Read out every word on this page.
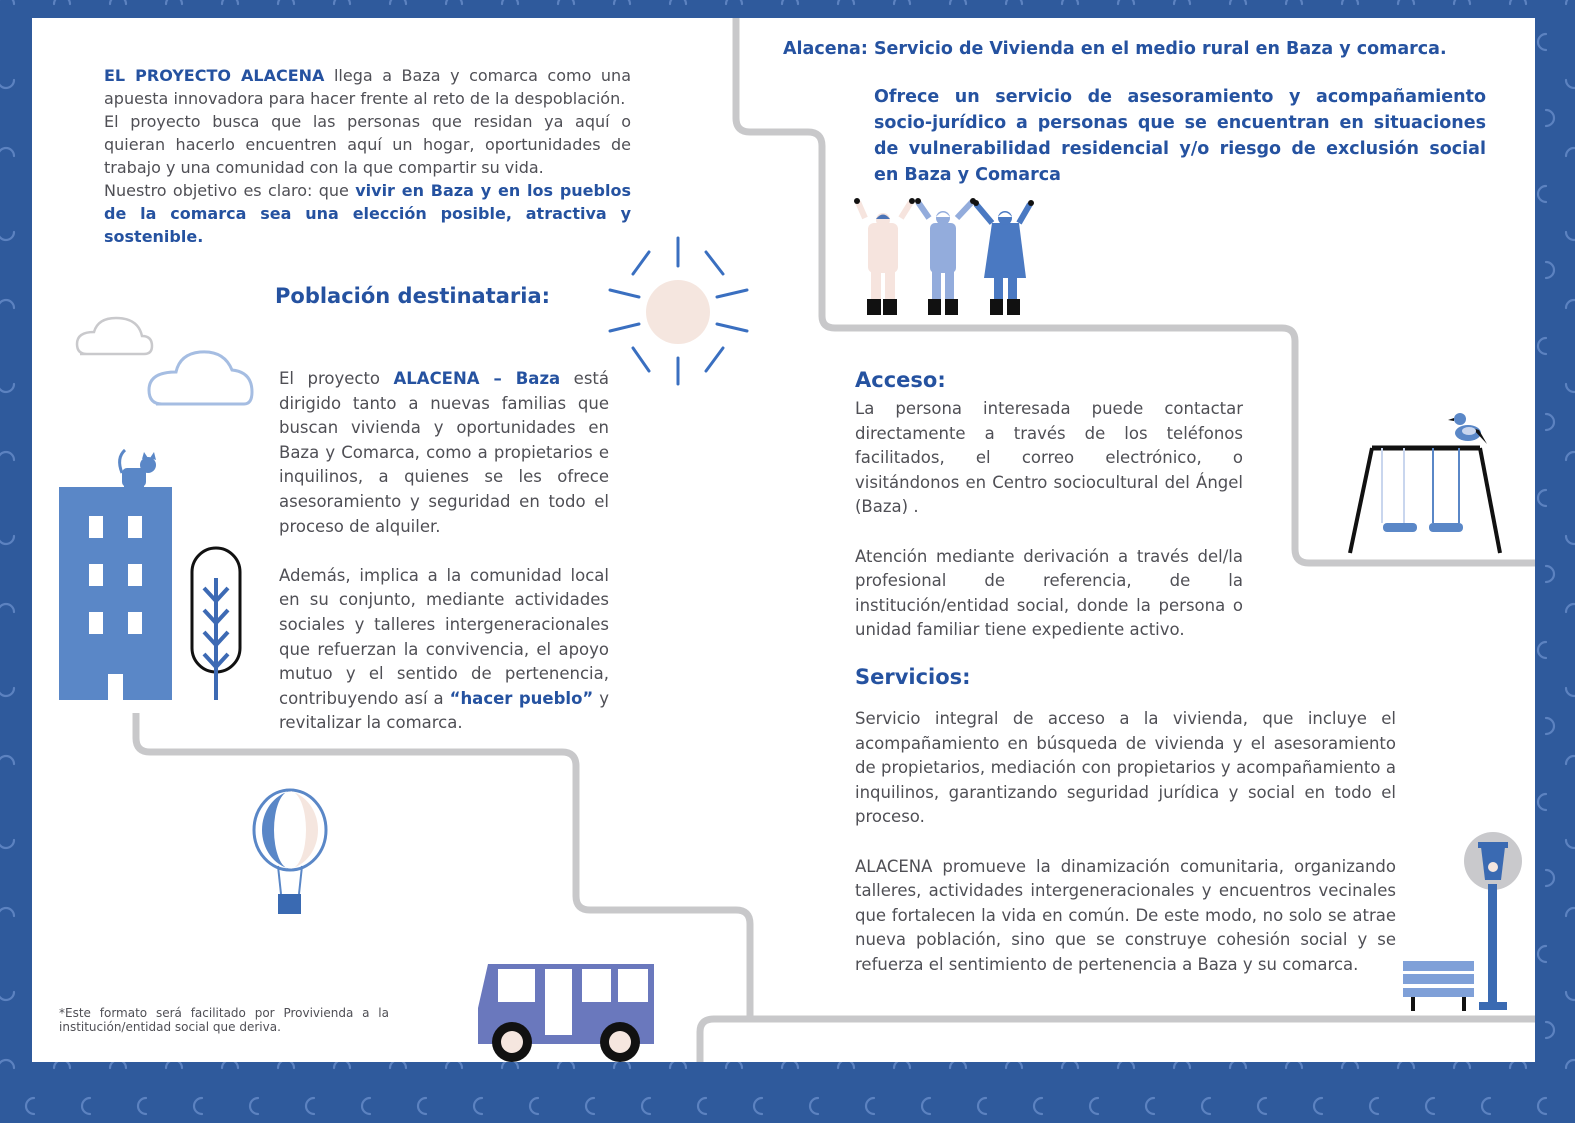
EL PROYECTO ALACENA llega a Baza y comarca como una apuesta innovadora para hacer frente al reto de la despoblación.

El proyecto busca que las personas que residan ya aquí o quieran hacerlo encuentren aquí un hogar, oportunidades de trabajo y una comunidad con la que compartir su vida.

Nuestro objetivo es claro: que vivir en Baza y en los pueblos de la comarca sea una elección posible, atractiva y sostenible.

Población destinataria:

El proyecto ALACENA – Baza está dirigido tanto a nuevas familias que buscan vivienda y oportunidades en Baza y Comarca, como a propietarios e inquilinos, a quienes se les ofrece asesoramiento y seguridad en todo el proceso de alquiler.

Además, implica a la comunidad local en su conjunto, mediante actividades sociales y talleres intergeneracionales que refuerzan la convivencia, el apoyo mutuo y el sentido de pertenencia, contribuyendo así a “hacer pueblo” y revitalizar la comarca.

*Este formato será facilitado por Provivienda a la institución/entidad social que deriva.
Alacena: Servicio de Vivienda en el medio rural en Baza y comarca.
Ofrece un servicio de asesoramiento y acompañamiento socio-jurídico a personas que se encuentran en situaciones de vulnerabilidad residencial y/o riesgo de exclusión social en Baza y Comarca
Acceso:

La persona interesada puede contactar directamente a través de los teléfonos facilitados, el correo electrónico, o visitándonos en Centro sociocultural del Ángel (Baza) .

Atención mediante derivación a través del/la profesional de referencia, de la institución/entidad social, donde la persona o unidad familiar tiene expediente activo.

Servicios:

Servicio integral de acceso a la vivienda, que incluye el acompañamiento en búsqueda de vivienda y el asesoramiento de propietarios, mediación con propietarios y acompañamiento a inquilinos, garantizando seguridad jurídica y social en todo el proceso.

ALACENA promueve la dinamización comunitaria, organizando talleres, actividades intergeneracionales y encuentros vecinales que fortalecen la vida en común. De este modo, no solo se atrae nueva población, sino que se construye cohesión social y se refuerza el sentimiento de pertenencia a Baza y su comarca.
